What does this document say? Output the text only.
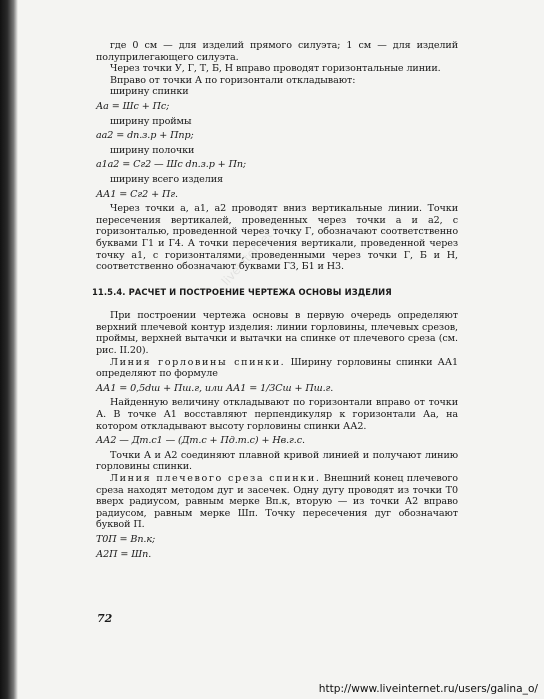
liveinternet.ru

где 0 см — для изделий прямого силуэта; 1 см — для изделий полуприлегающего силуэта.

Через точки У, Г, Т, Б, Н вправо проводят горизонтальные линии.

Вправо от точки А по горизонтали откладывают:

ширину спинки

Аа = Шс + Пс;

ширину проймы

аа2 = dп.з.р + Ппр;

ширину полочки

а1а2 = Сг2 — Шс dп.з.р + Пп;

ширину всего изделия

АА1 = Сг2 + Пг.

Через точки а, а1, а2 проводят вниз вертикальные линии. Точки пересечения вертикалей, проведенных через точки а и а2, с горизонталью, проведенной через точку Г, обозначают соответственно буквами Г1 и Г4. А точки пересечения вертикали, проведенной через точку а1, с горизонталями, проведенными через точки Г, Б и Н, соответственно обозначают буквами Г3, Б1 и Н3.

11.5.4. РАСЧЕТ И ПОСТРОЕНИЕ ЧЕРТЕЖА ОСНОВЫ ИЗДЕЛИЯ

При построении чертежа основы в первую очередь определяют верхний плечевой контур изделия: линии горловины, плечевых срезов, проймы, верхней вытачки и вытачки на спинке от плечевого среза (см. рис. II.20).

Линия горловины спинки. Ширину горловины спинки АА1 определяют по формуле

АА1 = 0,5dш + Пш.г, или АА1 = 1/3Сш + Пш.г.

Найденную величину откладывают по горизонтали вправо от точки А. В точке А1 восставляют перпендикуляр к горизонтали Аа, на котором откладывают высоту горловины спинки АА2.

АА2 — Дт.с1 — (Дт.с + Пд.т.с) + Нв.г.с.

Точки А и А2 соединяют плавной кривой линией и получают линию горловины спинки.

Линия плечевого среза спинки. Внешний конец плечевого среза находят методом дуг и засечек. Одну дугу проводят из точки Т0 вверх радиусом, равным мерке Вп.к, вторую — из точки А2 вправо радиусом, равным мерке Шп. Точку пересечения дуг обозначают буквой П.

Т0П = Вп.к;

А2П = Шп.

72
http://www.liveinternet.ru/users/galina_o/
